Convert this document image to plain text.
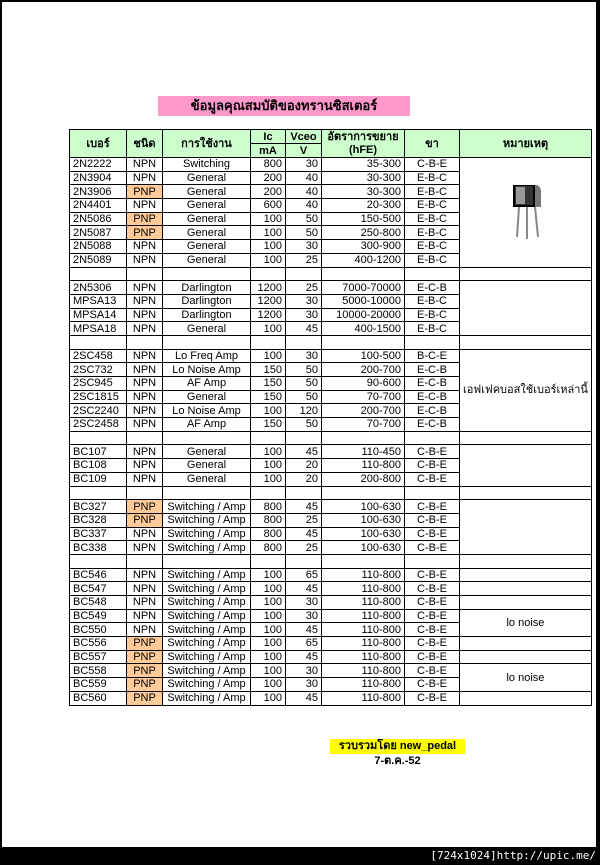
ข้อมูลคุณสมบัติของทรานซิสเตอร์
เบอร์	ชนิด	การใช้งาน	Ic	Vceo	อัตราการขยาย (hFE)	ขา	หมายเหตุ
			mA	V			
2N2222	NPN	Switching	800	30	35-300	C-B-E	

2N3904	NPN	General	200	40	30-300	E-B-C	
2N3906	PNP	General	200	40	30-300	E-B-C	
2N4401	NPN	General	600	40	20-300	E-B-C	
2N5086	PNP	General	100	50	150-500	E-B-C	
2N5087	PNP	General	100	50	250-800	E-B-C	
2N5088	NPN	General	100	30	300-900	E-B-C	
2N5089	NPN	General	100	25	400-1200	E-B-C	

2N5306	NPN	Darlington	1200	25	7000-70000	E-C-B	
MPSA13	NPN	Darlington	1200	30	5000-10000	E-B-C	
MPSA14	NPN	Darlington	1200	30	10000-20000	E-B-C	
MPSA18	NPN	General	100	45	400-1500	E-B-C	

2SC458	NPN	Lo Freq Amp	100	30	100-500	B-C-E	เอฟเฟคบอสใช้เบอร์เหล่านี้
2SC732	NPN	Lo Noise Amp	150	50	200-700	E-C-B	
2SC945	NPN	AF Amp	150	50	90-600	E-C-B	
2SC1815	NPN	General	150	50	70-700	E-C-B	
2SC2240	NPN	Lo Noise Amp	100	120	200-700	E-C-B	
2SC2458	NPN	AF Amp	150	50	70-700	E-C-B	

BC107	NPN	General	100	45	110-450	C-B-E	
BC108	NPN	General	100	20	110-800	C-B-E	
BC109	NPN	General	100	20	200-800	C-B-E	

BC327	PNP	Switching / Amp	800	45	100-630	C-B-E	
BC328	PNP	Switching / Amp	800	25	100-630	C-B-E	
BC337	NPN	Switching / Amp	800	45	100-630	C-B-E	
BC338	NPN	Switching / Amp	800	25	100-630	C-B-E	

BC546	NPN	Switching / Amp	100	65	110-800	C-B-E	
BC547	NPN	Switching / Amp	100	45	110-800	C-B-E	
BC548	NPN	Switching / Amp	100	30	110-800	C-B-E	
BC549	NPN	Switching / Amp	100	30	110-800	C-B-E	lo noise
BC550	NPN	Switching / Amp	100	45	110-800	C-B-E	
BC556	PNP	Switching / Amp	100	65	110-800	C-B-E	
BC557	PNP	Switching / Amp	100	45	110-800	C-B-E	
BC558	PNP	Switching / Amp	100	30	110-800	C-B-E	lo noise
BC559	PNP	Switching / Amp	100	30	110-800	C-B-E	
BC560	PNP	Switching / Amp	100	45	110-800	C-B-E	
รวบรวมโดย new_pedal
7-ต.ค.-52
[724x1024]http://upic.me/
